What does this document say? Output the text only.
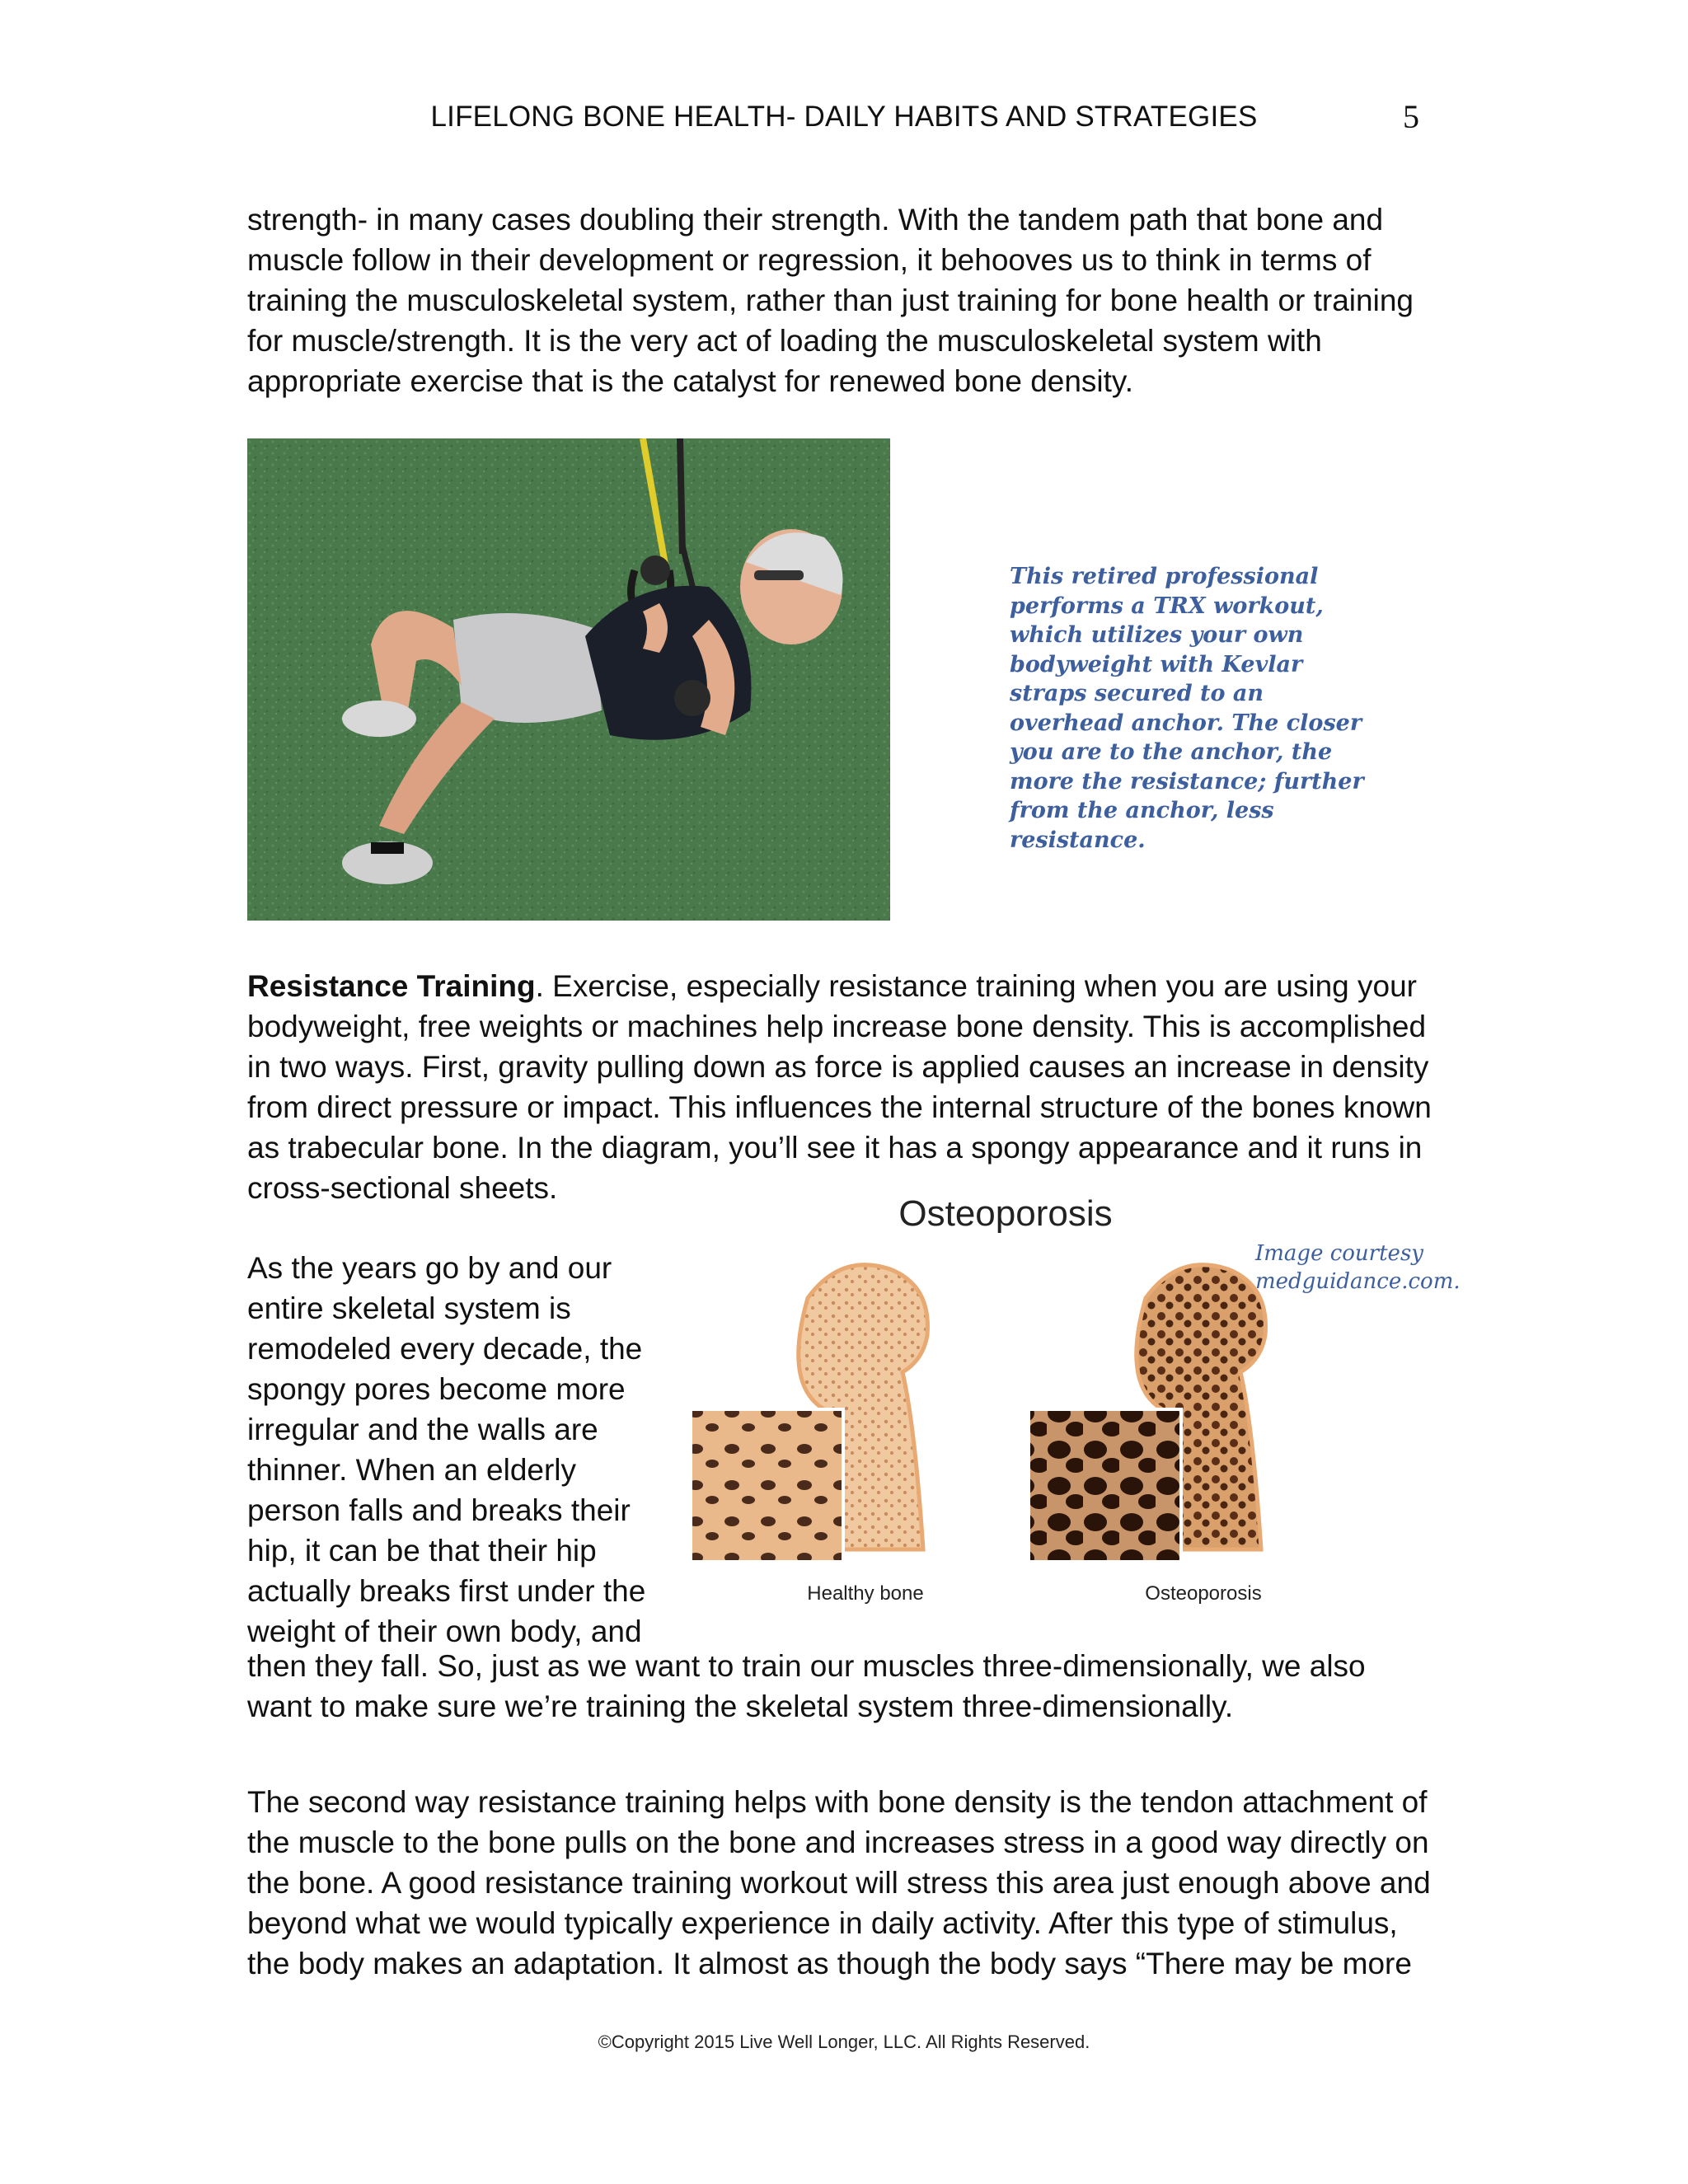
LIFELONG BONE HEALTH- DAILY HABITS AND STRATEGIES	5

strength- in many cases doubling their strength. With the tandem path that bone and muscle follow in their development or regression, it behooves us to think in terms of training the musculoskeletal system, rather than just training for bone health or training for muscle/strength. It is the very act of loading the musculoskeletal system with appropriate exercise that is the catalyst for renewed bone density.

This retired professional performs a TRX workout, which utilizes your own bodyweight with Kevlar straps secured to an overhead anchor. The closer you are to the anchor, the more the resistance; further from the anchor, less resistance.

Resistance Training. Exercise, especially resistance training when you are using your bodyweight, free weights or machines help increase bone density. This is accomplished in two ways. First, gravity pulling down as force is applied causes an increase in density from direct pressure or impact. This influences the internal structure of the bones known as trabecular bone. In the diagram, you’ll see it has a spongy appearance and it runs in cross-sectional sheets.

As the years go by and our entire skeletal system is remodeled every decade, the spongy pores become more irregular and the walls are thinner. When an elderly person falls and breaks their hip, it can be that their hip actually breaks first under the weight of their own body, and

Osteoporosis
Healthy bone	Osteoporosis
Image courtesy medguidance.com.

then they fall. So, just as we want to train our muscles three-dimensionally, we also want to make sure we’re training the skeletal system three-dimensionally.

The second way resistance training helps with bone density is the tendon attachment of the muscle to the bone pulls on the bone and increases stress in a good way directly on the bone. A good resistance training workout will stress this area just enough above and beyond what we would typically experience in daily activity. After this type of stimulus, the body makes an adaptation. It almost as though the body says “There may be more

©Copyright 2015 Live Well Longer, LLC. All Rights Reserved.
